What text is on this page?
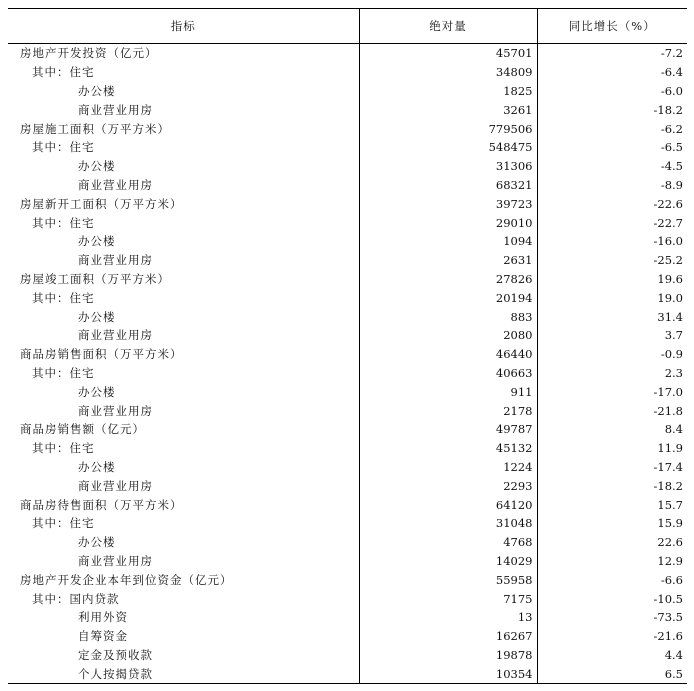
指标	绝对量	同比增长（%）
房地产开发投资（亿元）	45701	-7.2
其中：住宅	34809	-6.4
办公楼	1825	-6.0
商业营业用房	3261	-18.2
房屋施工面积（万平方米）	779506	-6.2
其中：住宅	548475	-6.5
办公楼	31306	-4.5
商业营业用房	68321	-8.9
房屋新开工面积（万平方米）	39723	-22.6
其中：住宅	29010	-22.7
办公楼	1094	-16.0
商业营业用房	2631	-25.2
房屋竣工面积（万平方米）	27826	19.6
其中：住宅	20194	19.0
办公楼	883	31.4
商业营业用房	2080	3.7
商品房销售面积（万平方米）	46440	-0.9
其中：住宅	40663	2.3
办公楼	911	-17.0
商业营业用房	2178	-21.8
商品房销售额（亿元）	49787	8.4
其中：住宅	45132	11.9
办公楼	1224	-17.4
商业营业用房	2293	-18.2
商品房待售面积（万平方米）	64120	15.7
其中：住宅	31048	15.9
办公楼	4768	22.6
商业营业用房	14029	12.9
房地产开发企业本年到位资金（亿元）	55958	-6.6
其中：国内贷款	7175	-10.5
利用外资	13	-73.5
自筹资金	16267	-21.6
定金及预收款	19878	4.4
个人按揭贷款	10354	6.5
